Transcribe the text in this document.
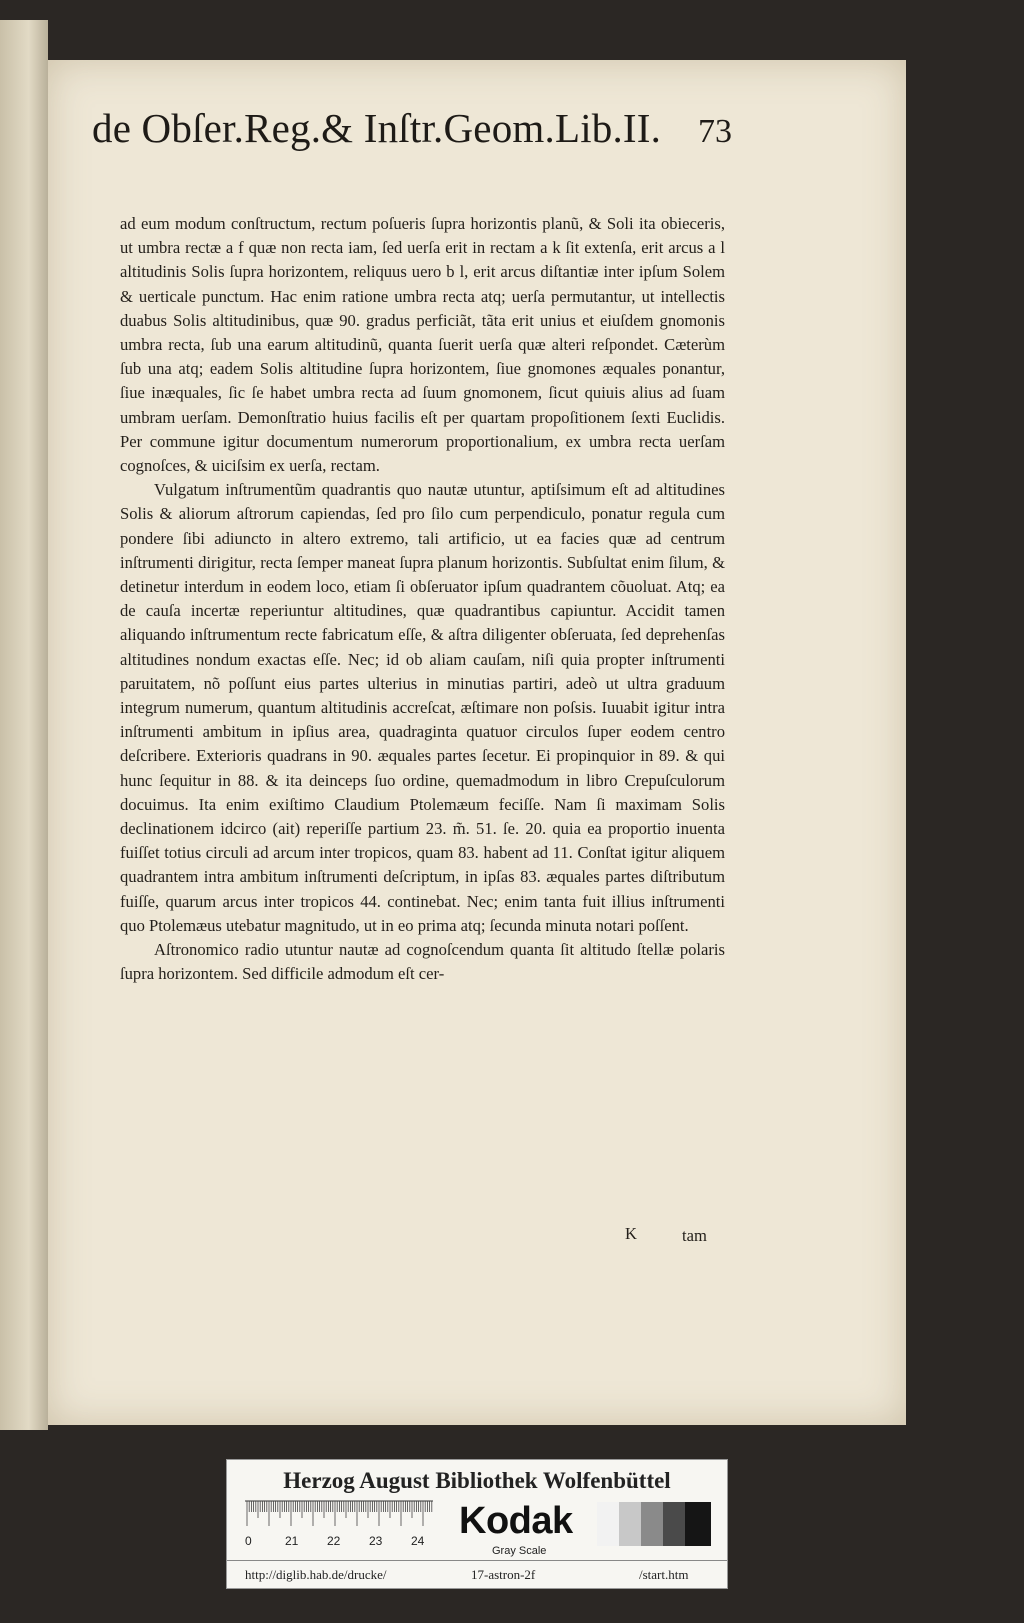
de Obſer.Reg.& Inſtr.Geom.Lib.II. 73

ad eum modum conſtructum, rectum poſueris ſupra horizontis planũ, & Soli ita obieceris, ut umbra rectæ a f quæ non recta iam, ſed uerſa erit in rectam a k ſit extenſa, erit arcus a l altitudinis Solis ſupra horizontem, reliquus uero b l, erit arcus diſtantiæ inter ipſum Solem & uerticale punctum. Hac enim ratione umbra recta atq; uerſa permutantur, ut intellectis duabus Solis altitudinibus, quæ 90. gradus perficiãt, tãta erit unius et eiuſdem gnomonis umbra recta, ſub una earum altitudinũ, quanta ſuerit uerſa quæ alteri reſpondet. Cæterùm ſub una atq; eadem Solis altitudine ſupra horizontem, ſiue gnomones æquales ponantur, ſiue inæquales, ſic ſe habet umbra recta ad ſuum gnomonem, ſicut quiuis alius ad ſuam umbram uerſam. Demonſtratio huius facilis eſt per quartam propoſitionem ſexti Euclidis. Per commune igitur documentum numerorum proportionalium, ex umbra recta uerſam cognoſces, & uiciſsim ex uerſa, rectam.

Vulgatum inſtrumentũm quadrantis quo nautæ utuntur, aptiſsimum eſt ad altitudines Solis & aliorum aſtrorum capiendas, ſed pro ſilo cum perpendiculo, ponatur regula cum pondere ſibi adiuncto in altero extremo, tali artificio, ut ea facies quæ ad centrum inſtrumenti dirigitur, recta ſemper maneat ſupra planum horizontis. Subſultat enim ſilum, & detinetur interdum in eodem loco, etiam ſi obſeruator ipſum quadrantem cõuoluat. Atq; ea de cauſa incertæ reperiuntur altitudines, quæ quadrantibus capiuntur. Accidit tamen aliquando inſtrumentum recte fabricatum eſſe, & aſtra diligenter obſeruata, ſed deprehenſas altitudines nondum exactas eſſe. Nec; id ob aliam cauſam, niſi quia propter inſtrumenti paruitatem, nõ poſſunt eius partes ulterius in minutias partiri, adeò ut ultra graduum integrum numerum, quantum altitudinis accreſcat, æſtimare non poſsis. Iuuabit igitur intra inſtrumenti ambitum in ipſius area, quadraginta quatuor circulos ſuper eodem centro deſcribere. Exterioris quadrans in 90. æquales partes ſecetur. Ei propinquior in 89. & qui hunc ſequitur in 88. & ita deinceps ſuo ordine, quemadmodum in libro Crepuſculorum docuimus. Ita enim exiſtimo Claudium Ptolemæum feciſſe. Nam ſi maximam Solis declinationem idcirco (ait) reperiſſe partium 23. m̃. 51. ſe. 20. quia ea proportio inuenta fuiſſet totius circuli ad arcum inter tropicos, quam 83. habent ad 11. Conſtat igitur aliquem quadrantem intra ambitum inſtrumenti deſcriptum, in ipſas 83. æquales partes diſtributum fuiſſe, quarum arcus inter tropicos 44. continebat. Nec; enim tanta fuit illius inſtrumenti quo Ptolemæus utebatur magnitudo, ut in eo prima atq; ſecunda minuta notari poſſent.

Aſtronomico radio utuntur nautæ ad cognoſcendum quanta ſit altitudo ſtellæ polaris ſupra horizontem. Sed difficile admodum eſt cer-

K	tam
Herzog August Bibliothek Wolfenbüttel
0	21 22 23 24 Kodak
Gray Scale
http://diglib.hab.de/drucke/	17-astron-2f	/start.htm
